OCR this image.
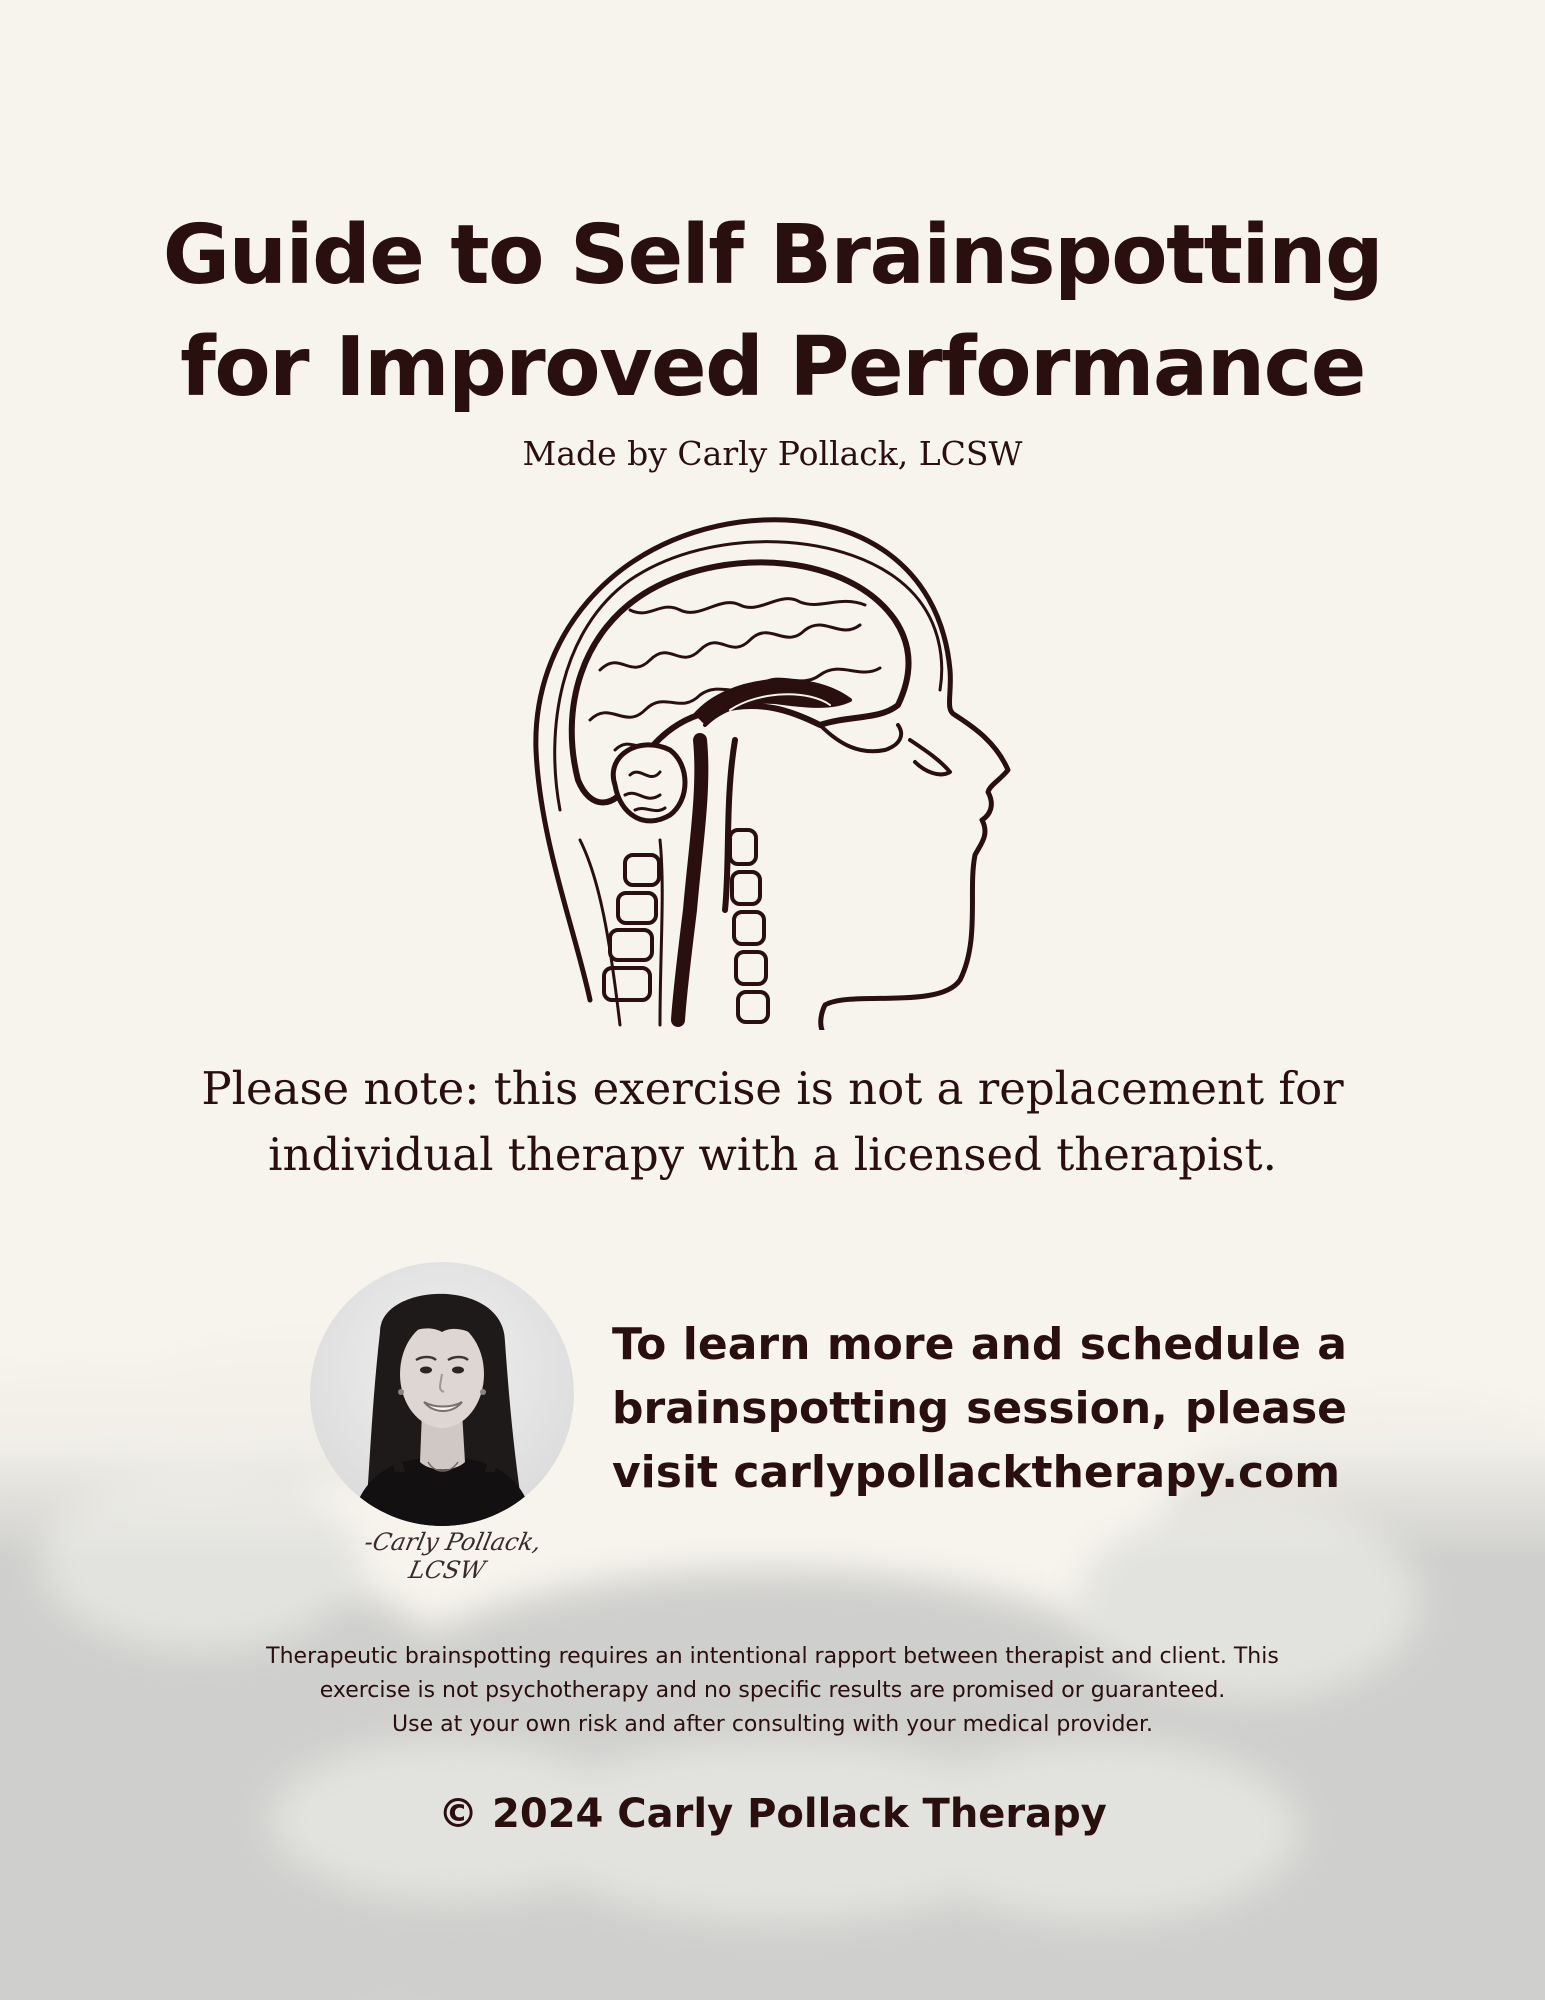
Guide to Self Brainspotting
for Improved Performance
Made by Carly Pollack, LCSW
Please note: this exercise is not a replacement for
individual therapy with a licensed therapist.
-Carly Pollack, LCSW
To learn more and schedule a
brainspotting session, please
visit carlypollacktherapy.com
Therapeutic brainspotting requires an intentional rapport between therapist and client. This
exercise is not psychotherapy and no specific results are promised or guaranteed.
Use at your own risk and after consulting with your medical provider.
© 2024 Carly Pollack Therapy
